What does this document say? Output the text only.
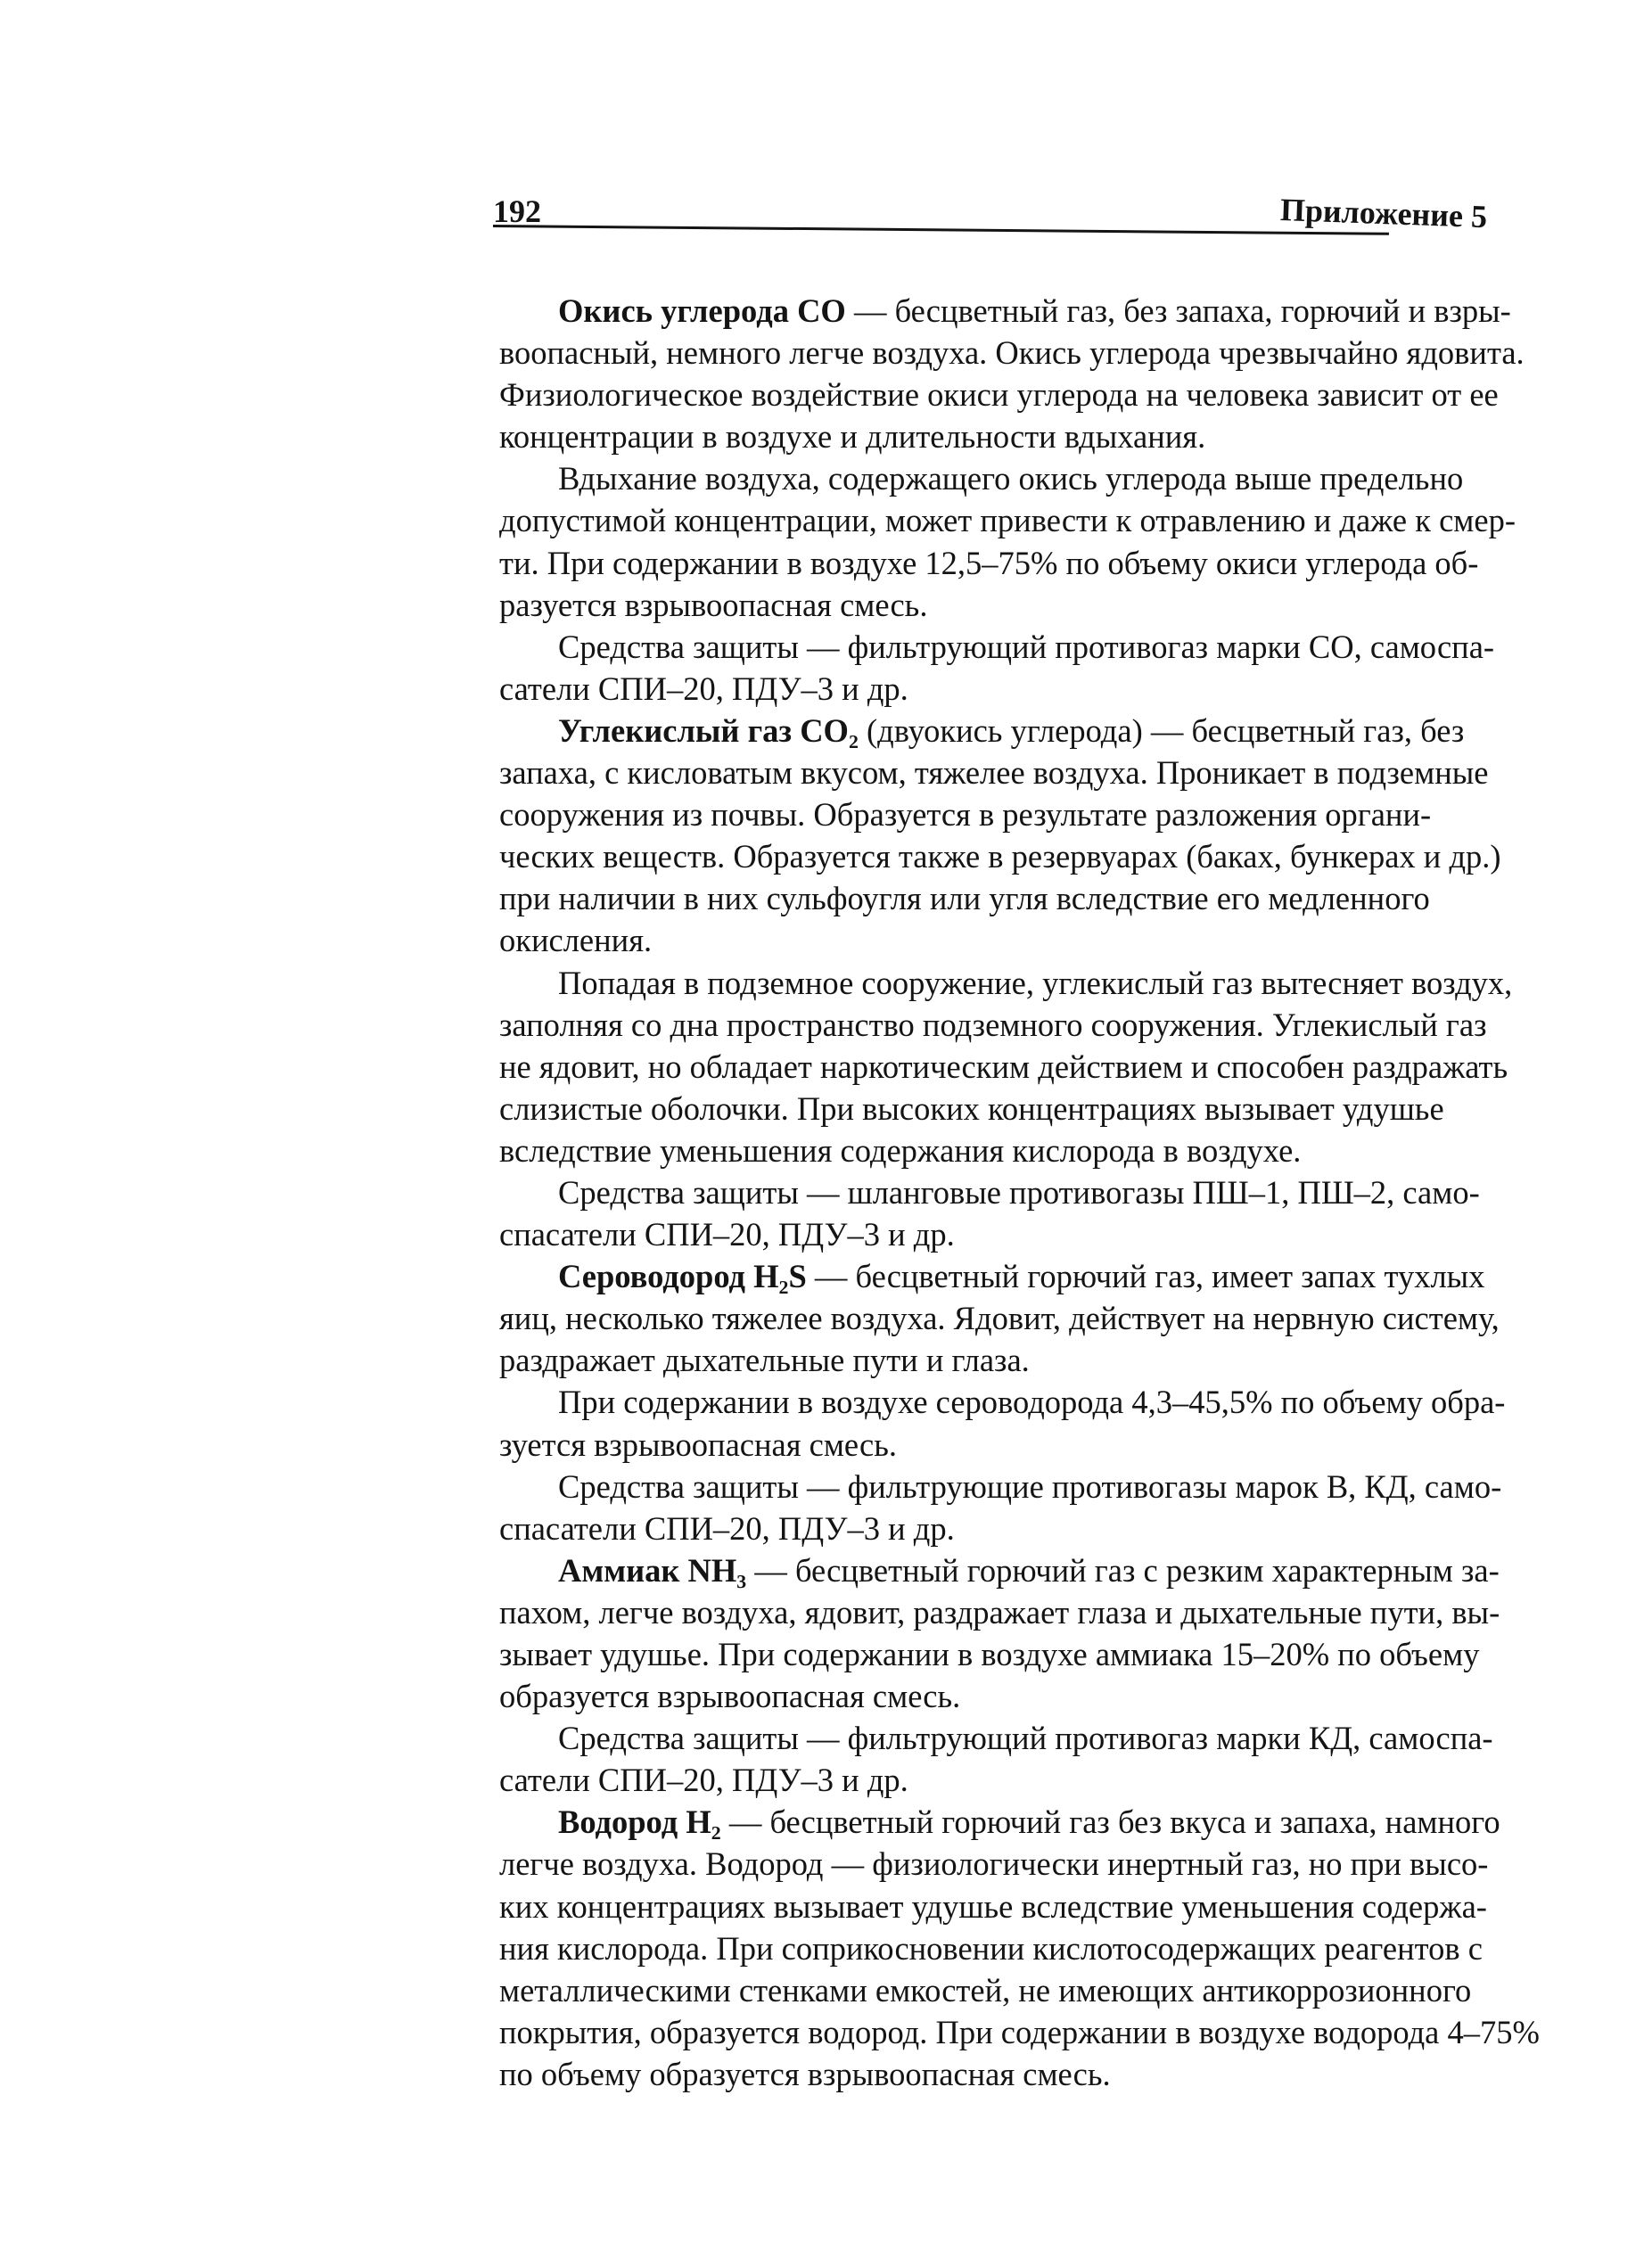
192	Приложение 5

Окись углерода CO — бесцветный газ, без запаха, горючий и взры-
воопасный, немного легче воздуха. Окись углерода чрезвычайно ядовита.
Физиологическое воздействие окиси углерода на человека зависит от ее
концентрации в воздухе и длительности вдыхания.

Вдыхание воздуха, содержащего окись углерода выше предельно
допустимой концентрации, может привести к отравлению и даже к смер-
ти. При содержании в воздухе 12,5–75% по объему окиси углерода об-
разуется взрывоопасная смесь.

Средства защиты — фильтрующий противогаз марки CO, самоспа-
сатели СПИ–20, ПДУ–3 и др.

Углекислый газ CO₂ (двуокись углерода) — бесцветный газ, без
запаха, с кисловатым вкусом, тяжелее воздуха. Проникает в подземные
сооружения из почвы. Образуется в результате разложения органи-
ческих веществ. Образуется также в резервуарах (баках, бункерах и др.)
при наличии в них сульфоугля или угля вследствие его медленного
окисления.

Попадая в подземное сооружение, углекислый газ вытесняет воздух,
заполняя со дна пространство подземного сооружения. Углекислый газ
не ядовит, но обладает наркотическим действием и способен раздражать
слизистые оболочки. При высоких концентрациях вызывает удушье
вследствие уменьшения содержания кислорода в воздухе.

Средства защиты — шланговые противогазы ПШ–1, ПШ–2, само-
спасатели СПИ–20, ПДУ–3 и др.

Сероводород H₂S — бесцветный горючий газ, имеет запах тухлых
яиц, несколько тяжелее воздуха. Ядовит, действует на нервную систему,
раздражает дыхательные пути и глаза.

При содержании в воздухе сероводорода 4,3–45,5% по объему обра-
зуется взрывоопасная смесь.

Средства защиты — фильтрующие противогазы марок В, КД, само-
спасатели СПИ–20, ПДУ–3 и др.

Аммиак NH₃ — бесцветный горючий газ с резким характерным за-
пахом, легче воздуха, ядовит, раздражает глаза и дыхательные пути, вы-
зывает удушье. При содержании в воздухе аммиака 15–20% по объему
образуется взрывоопасная смесь.

Средства защиты — фильтрующий противогаз марки КД, самоспа-
сатели СПИ–20, ПДУ–3 и др.

Водород H₂ — бесцветный горючий газ без вкуса и запаха, намного
легче воздуха. Водород — физиологически инертный газ, но при высо-
ких концентрациях вызывает удушье вследствие уменьшения содержа-
ния кислорода. При соприкосновении кислотосодержащих реагентов с
металлическими стенками емкостей, не имеющих антикоррозионного
покрытия, образуется водород. При содержании в воздухе водорода 4–75%
по объему образуется взрывоопасная смесь.
